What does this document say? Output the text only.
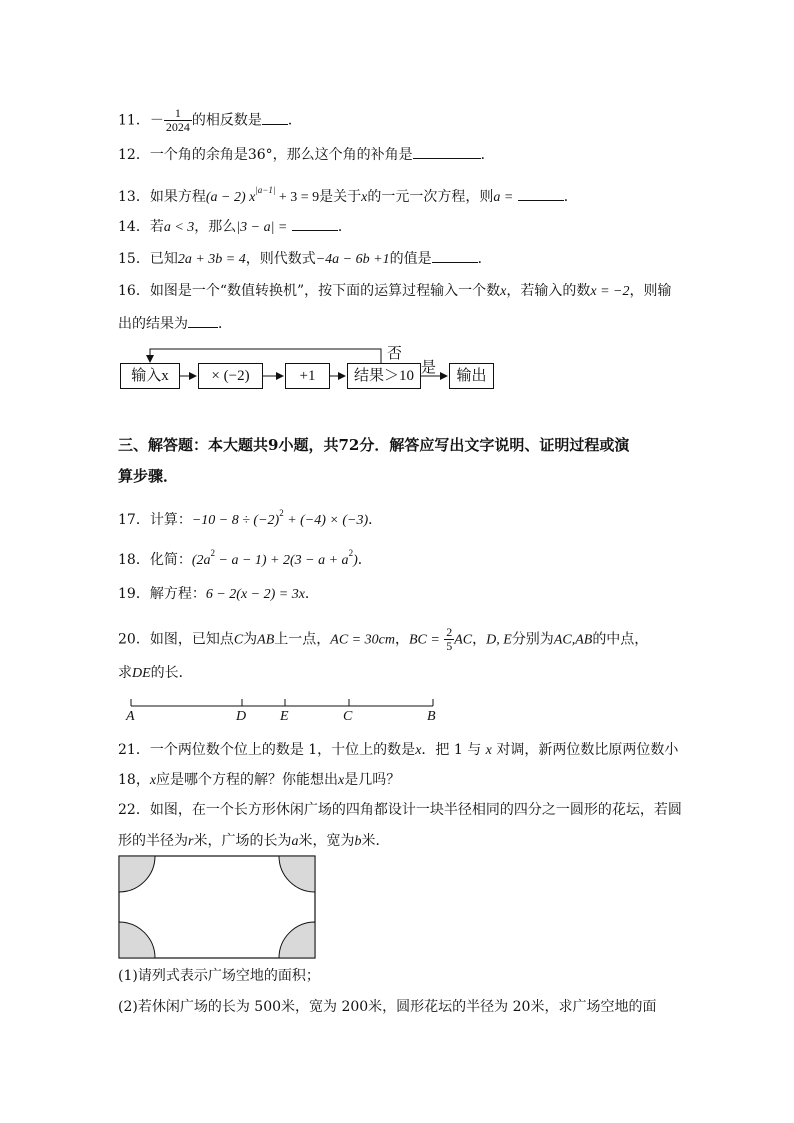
11．－ $\frac{1}{2024}$ 的相反数是 ．
12．一个角的余角是36°，那么这个角的补角是	．
13．如果方程(a − 2) $x^{|a-1|} + 3 = 9$是关于x的一元一次方程，则a =	．
14．若a < 3，那么|3 − a| =	．
15．已知2a + 3b = 4，则代数式−4a − 6b +1的值是	．
16．如图是一个“数值转换机”，按下面的运算过程输入一个数x，若输入的数x = −2，则输
出的结果为 ．
输入x	× (−2)	+1	结果＞10	输出
否
是
三、解答题：本大题共9小题，共72分．解答应写出文字说明、证明过程或演
算步骤．
17．计算：$-10 - 8 \div (-2)^2 + (-4) \times (-3)$．
18．化简：$(2a^2 - a - 1) + 2(3 - a + a^2)$．
19．解方程：6 − 2(x − 2) = 3x．
20．如图，已知点C为AB上一点，AC = 30cm，BC = $\frac{2}{5}$ AC，D, E分别为AC,AB的中点，
求DE的长．
A	D E	C	B
21．一个两位数个位上的数是 1，十位上的数是x．把 1 与 x 对调，新两位数比原两位数小
18，x应是哪个方程的解？你能想出x是几吗？
22．如图，在一个长方形休闲广场的四角都设计一块半径相同的四分之一圆形的花坛，若圆
形的半径为r米，广场的长为a米，宽为b米．
(1)请列式表示广场空地的面积；
(2)若休闲广场的长为 500米，宽为 200米，圆形花坛的半径为 20米，求广场空地的面
